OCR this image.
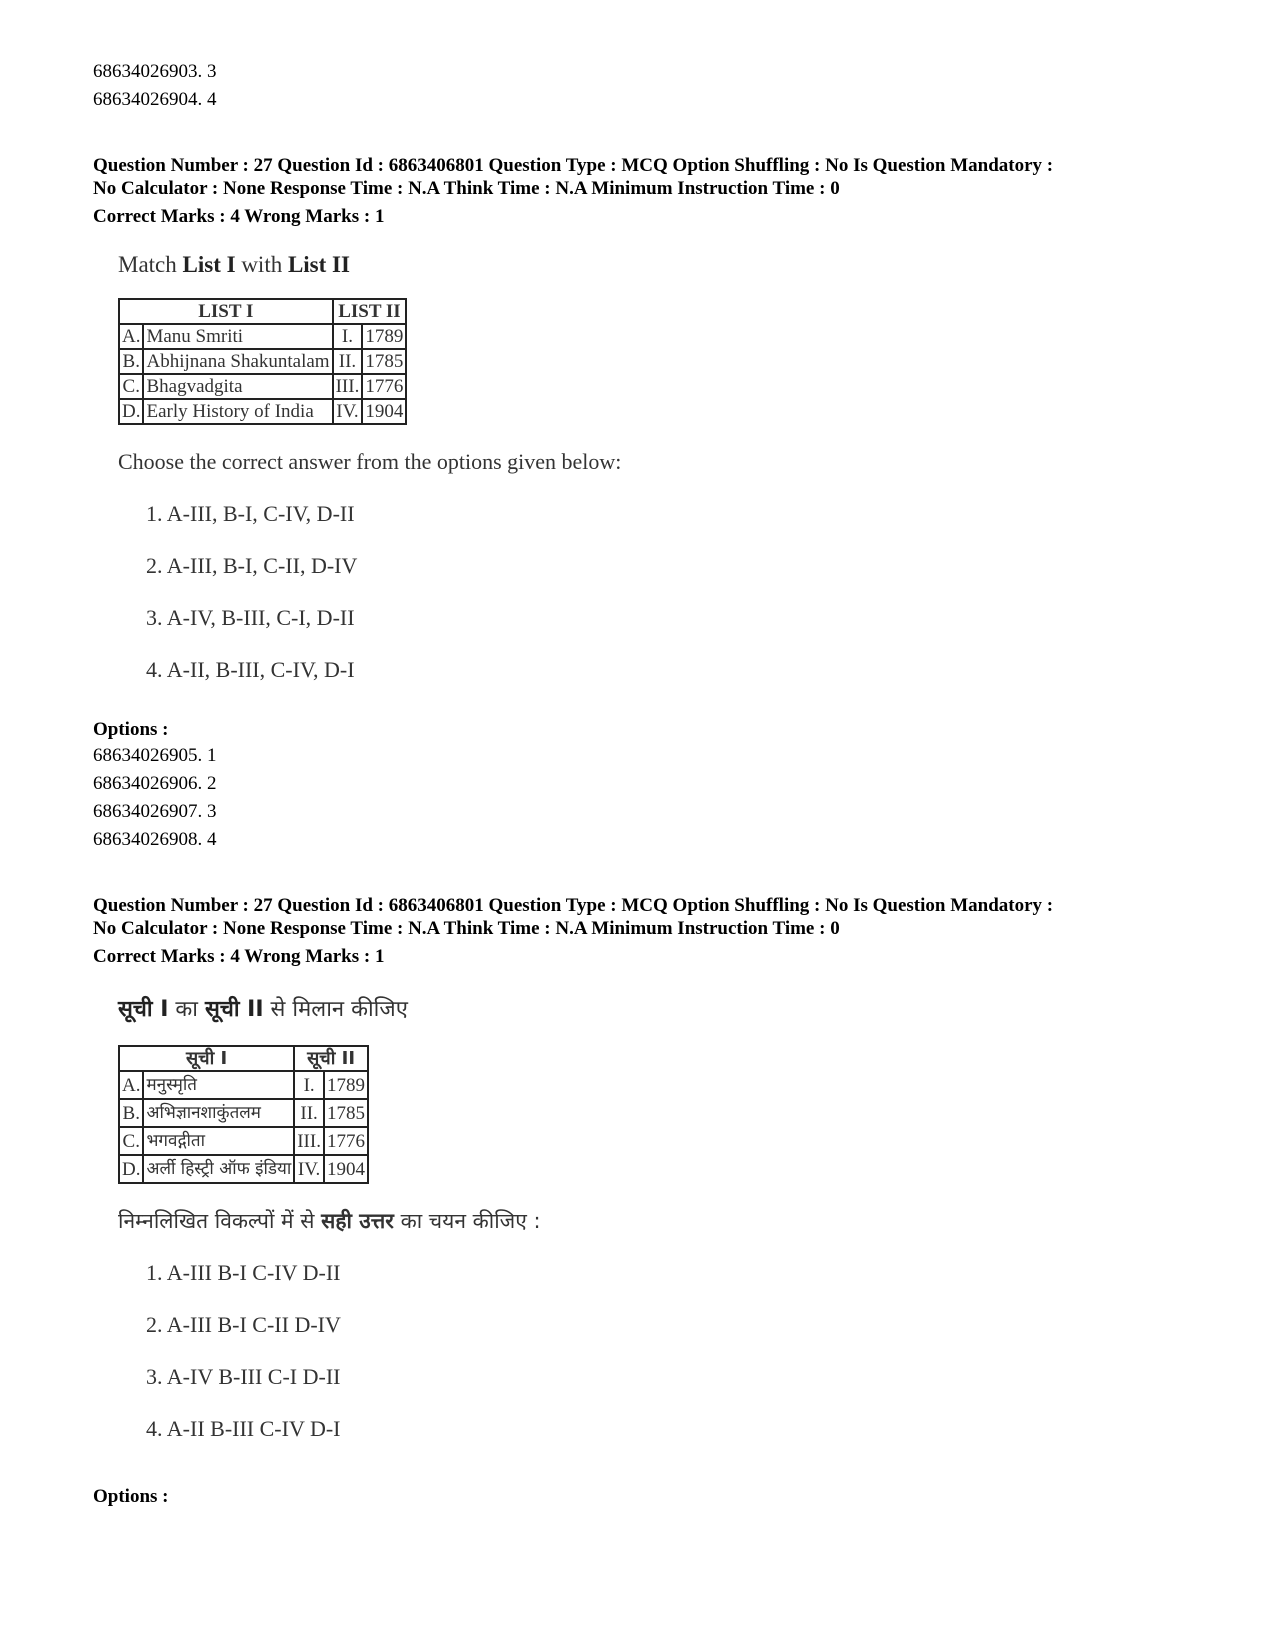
68634026903. 3
68634026904. 4
Question Number : 27 Question Id : 6863406801 Question Type : MCQ Option Shuffling : No Is Question Mandatory :
No Calculator : None Response Time : N.A Think Time : N.A Minimum Instruction Time : 0
Correct Marks : 4 Wrong Marks : 1
Match List I with List II
LIST I		LIST II	
A.	Manu Smriti	I.	1789
B.	Abhijnana Shakuntalam	II.	1785
C.	Bhagvadgita	III.	1776
D.	Early History of India	IV.	1904
Choose the correct answer from the options given below:
1. A-III, B-I, C-IV, D-II
2. A-III, B-I, C-II, D-IV
3. A-IV, B-III, C-I, D-II
4. A-II, B-III, C-IV, D-I
Options :
68634026905. 1
68634026906. 2
68634026907. 3
68634026908. 4
Question Number : 27 Question Id : 6863406801 Question Type : MCQ Option Shuffling : No Is Question Mandatory :
No Calculator : None Response Time : N.A Think Time : N.A Minimum Instruction Time : 0
Correct Marks : 4 Wrong Marks : 1
सूची I का सूची II से मिलान कीजिए
सूची I		सूची II	
A.	मनुस्मृति	I.	1789
B.	अभिज्ञानशाकुंतलम	II.	1785
C.	भगवद्गीता	III.	1776
D.	अर्ली हिस्ट्री ऑफ इंडिया	IV.	1904
निम्नलिखित विकल्पों में से सही उत्तर का चयन कीजिए :
1. A-III B-I C-IV D-II
2. A-III B-I C-II D-IV
3. A-IV B-III C-I D-II
4. A-II B-III C-IV D-I
Options :
